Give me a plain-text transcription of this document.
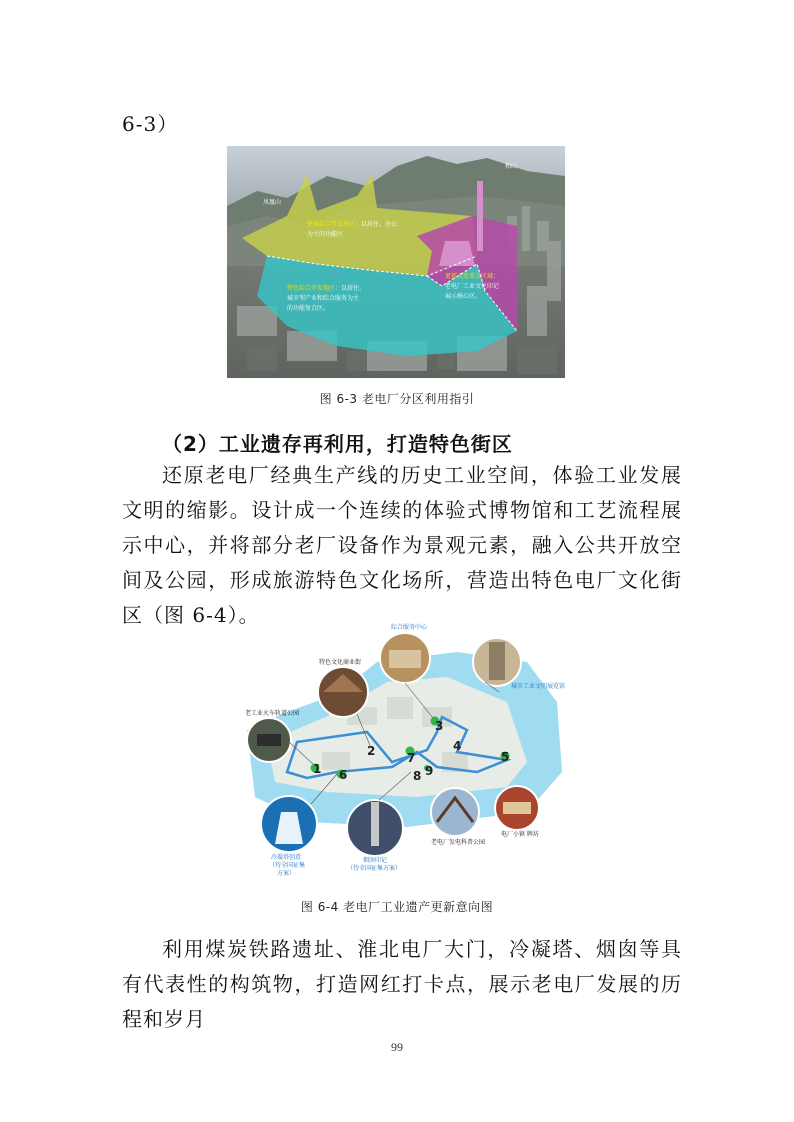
6-3）
凤凰山
相山
整体综合开发地区：以居住、办公
为主的功能区
特色综合开发地区：以居住、
城市型产业和综合服务为主
的功能复合区。
更新改造重点区域：
老电厂工业文化印记
展示核心区。
图 6-3 老电厂分区利用指引
（2）工业遗存再利用，打造特色街区

还原老电厂经典生产线的历史工业空间，体验工业发展文明的缩影。设计成一个连续的体验式博物馆和工艺流程展示中心，并将部分老厂设备作为景观元素，融入公共开放空间及公园，形成旅游特色文化场所，营造出特色电厂文化街区（图 6-4）。

1
2
3
4
5
6
7
8 9
综合服务中心
特色文化商业街
城市工业文明展览馆
老工业火车轨道公园
冷凝塔创意
（待全国征集
方案）
烟囱印记
（待全国征集方案）
老电厂发电科普公园
电厂小镇 牌坊
图 6-4 老电厂工业遗产更新意向图

利用煤炭铁路遗址、淮北电厂大门，冷凝塔、烟囱等具有代表性的构筑物，打造网红打卡点，展示老电厂发展的历程和岁月

99
